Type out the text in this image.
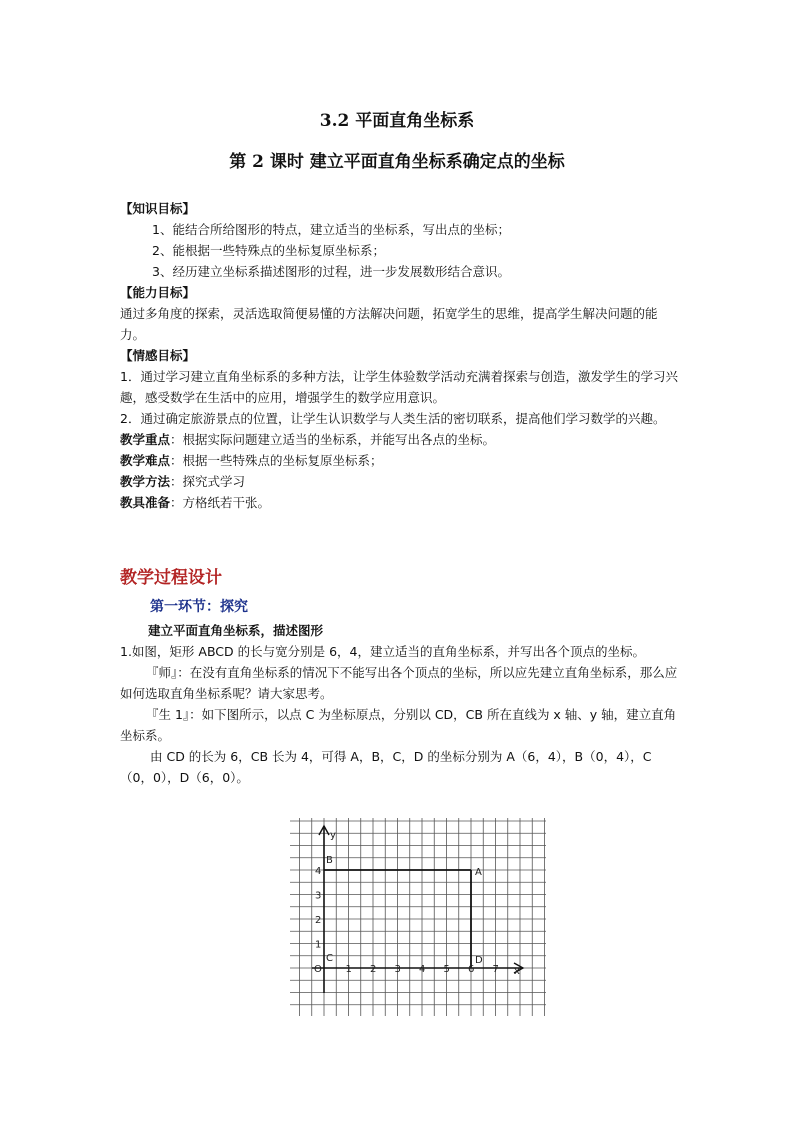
3.2 平面直角坐标系
第 2 课时 建立平面直角坐标系确定点的坐标

【知识目标】

1、能结合所给图形的特点，建立适当的坐标系，写出点的坐标；

2、能根据一些特殊点的坐标复原坐标系；

3、经历建立坐标系描述图形的过程，进一步发展数形结合意识。

【能力目标】

通过多角度的探索，灵活选取简便易懂的方法解决问题，拓宽学生的思维，提高学生解决问题的能力。

【情感目标】

1．通过学习建立直角坐标系的多种方法，让学生体验数学活动充满着探索与创造，激发学生的学习兴趣，感受数学在生活中的应用，增强学生的数学应用意识。

2．通过确定旅游景点的位置，让学生认识数学与人类生活的密切联系，提高他们学习数学的兴趣。

教学重点：根据实际问题建立适当的坐标系，并能写出各点的坐标。

教学难点：根据一些特殊点的坐标复原坐标系；

教学方法：探究式学习

教具准备：方格纸若干张。

教学过程设计
第一环节：探究

建立平面直角坐标系，描述图形

1.如图，矩形 ABCD 的长与宽分别是 6，4，建立适当的直角坐标系，并写出各个顶点的坐标。

『师』：在没有直角坐标系的情况下不能写出各个顶点的坐标，所以应先建立直角坐标系，那么应如何选取直角坐标系呢？请大家思考。

『生 1』：如下图所示，以点 C 为坐标原点，分别以 CD，CB 所在直线为 x 轴、y 轴，建立直角坐标系。

由 CD 的长为 6，CB 长为 4，可得 A，B，C，D 的坐标分别为 A（6，4），B（0，4），C（0，0），D（6，0）。

1 2 3 4 5 6 7
1
2
3
4
O	x
y
B
A
C	D
